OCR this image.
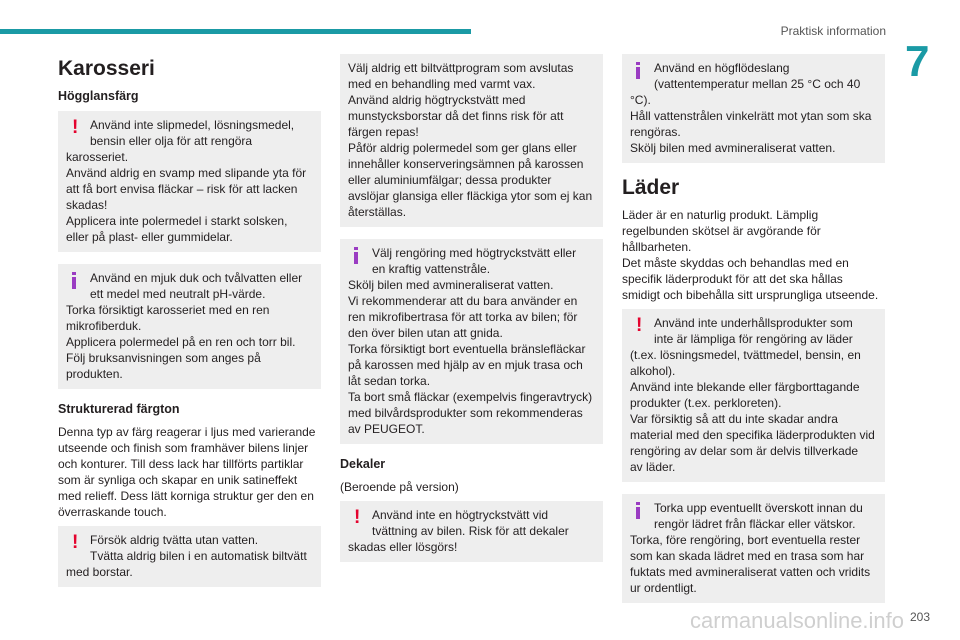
Praktisk information
7
Karosseri
Högglansfärg
! Använd inte slipmedel, lösningsmedel,
bensin eller olja för att rengöra
karosseriet.
Använd aldrig en svamp med slipande yta för
att få bort envisa fläckar – risk för att lacken
skadas!
Applicera inte polermedel i starkt solsken,
eller på plast- eller gummidelar.
Använd en mjuk duk och tvålvatten eller
ett medel med neutralt pH-värde.
Torka försiktigt karosseriet med en ren
mikrofiberduk.
Applicera polermedel på en ren och torr bil.
Följ bruksanvisningen som anges på
produkten.
Strukturerad färgton

Denna typ av färg reagerar i ljus med varierande
utseende och finish som framhäver bilens linjer
och konturer. Till dess lack har tillförts partiklar
som är synliga och skapar en unik satineffekt
med relieff. Dess lätt korniga struktur ger den en
överraskande touch.

! Försök aldrig tvätta utan vatten.
Tvätta aldrig bilen i en automatisk biltvätt
med borstar.
Välj aldrig ett biltvättprogram som avslutas
med en behandling med varmt vax.
Använd aldrig högtryckstvätt med
munstycksborstar då det finns risk för att
färgen repas!
Påför aldrig polermedel som ger glans eller
innehåller konserveringsämnen på karossen
eller aluminiumfälgar; dessa produkter
avslöjar glansiga eller fläckiga ytor som ej kan
återställas.
Välj rengöring med högtryckstvätt eller
en kraftig vattenstråle.
Skölj bilen med avmineraliserat vatten.
Vi rekommenderar att du bara använder en
ren mikrofibertrasa för att torka av bilen; för
den över bilen utan att gnida.
Torka försiktigt bort eventuella bränslefläckar
på karossen med hjälp av en mjuk trasa och
låt sedan torka.
Ta bort små fläckar (exempelvis fingeravtryck)
med bilvårdsprodukter som rekommenderas
av PEUGEOT.
Dekaler

(Beroende på version)

! Använd inte en högtryckstvätt vid
tvättning av bilen. Risk för att dekaler
skadas eller lösgörs!
Använd en högflödeslang
(vattentemperatur mellan 25 °C och 40
°C).
Håll vattenstrålen vinkelrätt mot ytan som ska
rengöras.
Skölj bilen med avmineraliserat vatten.
Läder

Läder är en naturlig produkt. Lämplig
regelbunden skötsel är avgörande för
hållbarheten.
Det måste skyddas och behandlas med en
specifik läderprodukt för att det ska hållas
smidigt och bibehålla sitt ursprungliga utseende.

! Använd inte underhållsprodukter som
inte är lämpliga för rengöring av läder
(t.ex. lösningsmedel, tvättmedel, bensin, en
alkohol).
Använd inte blekande eller färgborttagande
produkter (t.ex. perkloreten).
Var försiktig så att du inte skadar andra
material med den specifika läderprodukten vid
rengöring av delar som är delvis tillverkade
av läder.
Torka upp eventuellt överskott innan du
rengör lädret från fläckar eller vätskor.
Torka, före rengöring, bort eventuella rester
som kan skada lädret med en trasa som har
fuktats med avmineraliserat vatten och vridits
ur ordentligt.
carmanualsonline.info 203
